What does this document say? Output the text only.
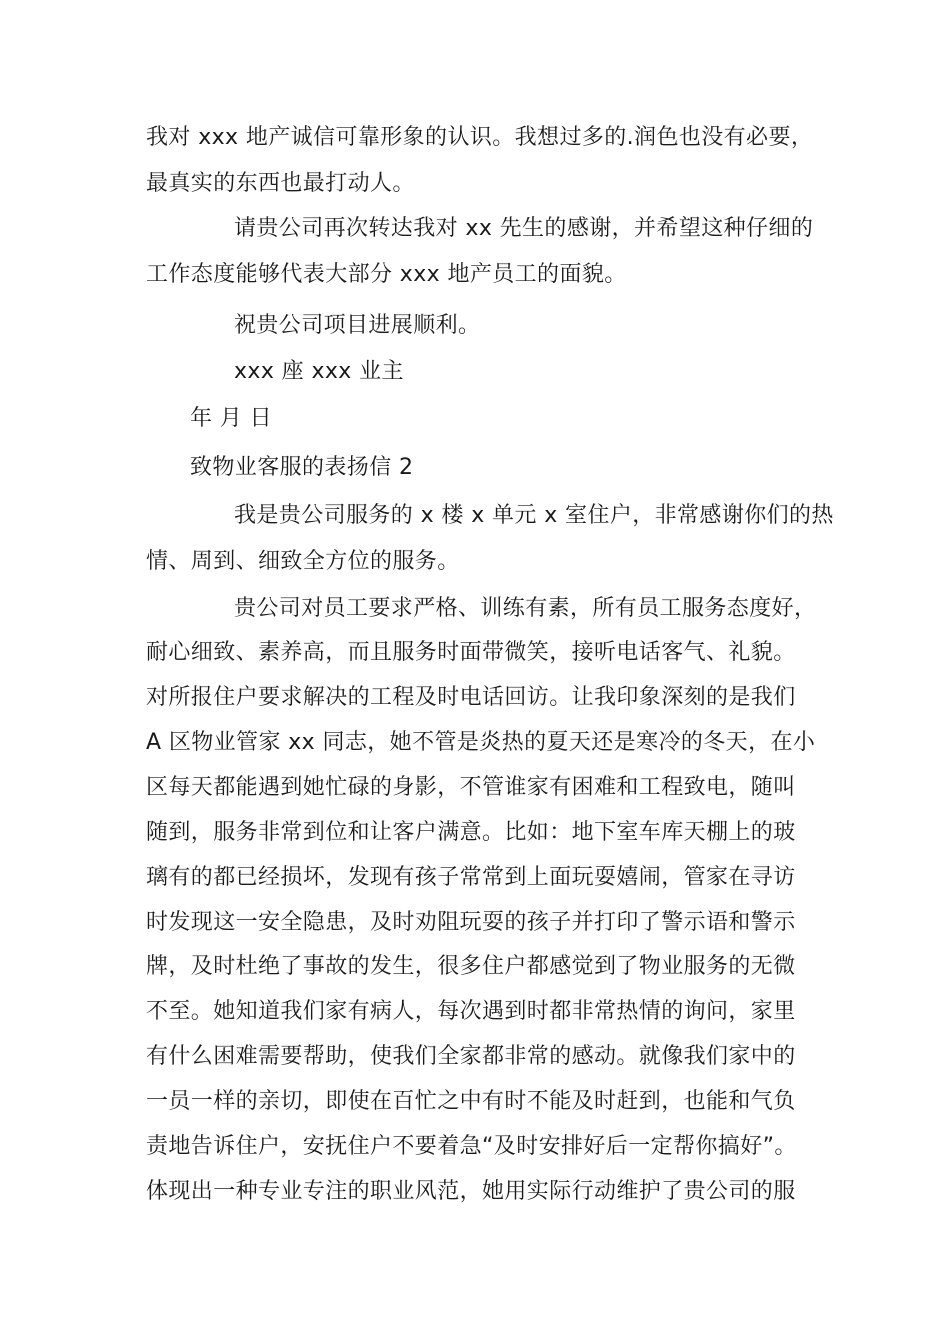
我对 xxx 地产诚信可靠形象的认识。我想过多的.润色也没有必要，
最真实的东西也最打动人。
请贵公司再次转达我对 xx 先生的感谢，并希望这种仔细的
工作态度能够代表大部分 xxx 地产员工的面貌。
祝贵公司项目进展顺利。
xxx 座 xxx 业主
年 月 日
致物业客服的表扬信 2
我是贵公司服务的 x 楼 x 单元 x 室住户，非常感谢你们的热
情、周到、细致全方位的服务。
贵公司对员工要求严格、训练有素，所有员工服务态度好，
耐心细致、素养高，而且服务时面带微笑，接听电话客气、礼貌。
对所报住户要求解决的工程及时电话回访。让我印象深刻的是我们
A 区物业管家 xx 同志，她不管是炎热的夏天还是寒冷的冬天，在小
区每天都能遇到她忙碌的身影，不管谁家有困难和工程致电，随叫
随到，服务非常到位和让客户满意。比如：地下室车库天棚上的玻
璃有的都已经损坏，发现有孩子常常到上面玩耍嬉闹，管家在寻访
时发现这一安全隐患，及时劝阻玩耍的孩子并打印了警示语和警示
牌，及时杜绝了事故的发生，很多住户都感觉到了物业服务的无微
不至。她知道我们家有病人，每次遇到时都非常热情的询问，家里
有什么困难需要帮助，使我们全家都非常的感动。就像我们家中的
一员一样的亲切，即使在百忙之中有时不能及时赶到，也能和气负
责地告诉住户，安抚住户不要着急“及时安排好后一定帮你搞好”。
体现出一种专业专注的职业风范，她用实际行动维护了贵公司的服
